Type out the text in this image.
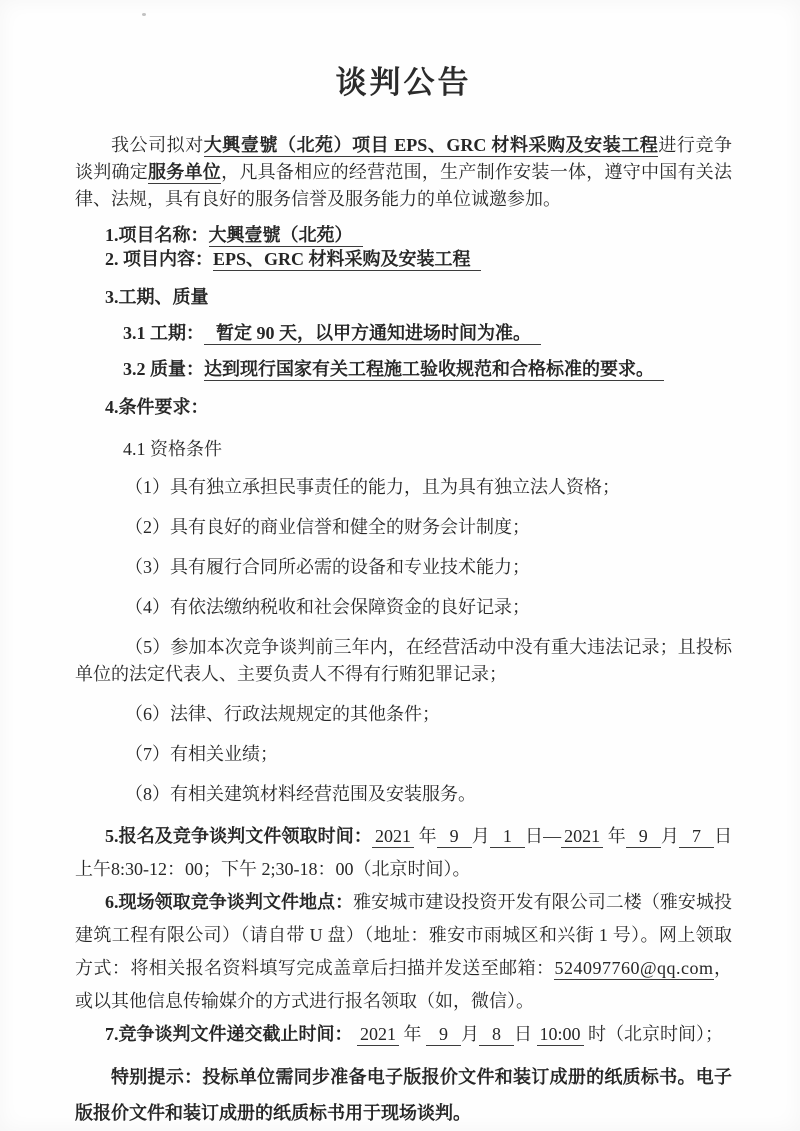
谈判公告

我公司拟对大興壹號（北苑）项目 EPS、GRC 材料采购及安装工程进行竞争谈判确定服务单位，凡具备相应的经营范围，生产制作安装一体，遵守中国有关法律、法规，具有良好的服务信誉及服务能力的单位诚邀参加。

1.项目名称：大興壹號（北苑）

2. 项目内容：EPS、GRC 材料采购及安装工程

3.工期、质量

3.1 工期： 暂定 90 天，以甲方通知进场时间为准。

3.2 质量：达到现行国家有关工程施工验收规范和合格标准的要求。

4.条件要求：

4.1 资格条件

（1）具有独立承担民事责任的能力，且为具有独立法人资格；

（2）具有良好的商业信誉和健全的财务会计制度；

（3）具有履行合同所必需的设备和专业技术能力；

（4）有依法缴纳税收和社会保障资金的良好记录；

（5）参加本次竞争谈判前三年内，在经营活动中没有重大违法记录；且投标单位的法定代表人、主要负责人不得有行贿犯罪记录；

（6）法律、行政法规规定的其他条件；

（7）有相关业绩；

（8）有相关建筑材料经营范围及安装服务。

5.报名及竞争谈判文件领取时间： 2021 年 9 月 1 日— 2021 年 9 月 7 日上午8:30-12：00；下午 2;30-18：00（北京时间）。

6.现场领取竞争谈判文件地点：雅安城市建设投资开发有限公司二楼（雅安城投建筑工程有限公司）（请自带 U 盘）（地址：雅安市雨城区和兴街 1 号）。网上领取方式：将相关报名资料填写完成盖章后扫描并发送至邮箱：524097760@qq.com，或以其他信息传输媒介的方式进行报名领取（如，微信）。

7.竞争谈判文件递交截止时间： 2021 年 9 月 8 日 10:00 时（北京时间）；

特别提示：投标单位需同步准备电子版报价文件和装订成册的纸质标书。电子版报价文件和装订成册的纸质标书用于现场谈判。
